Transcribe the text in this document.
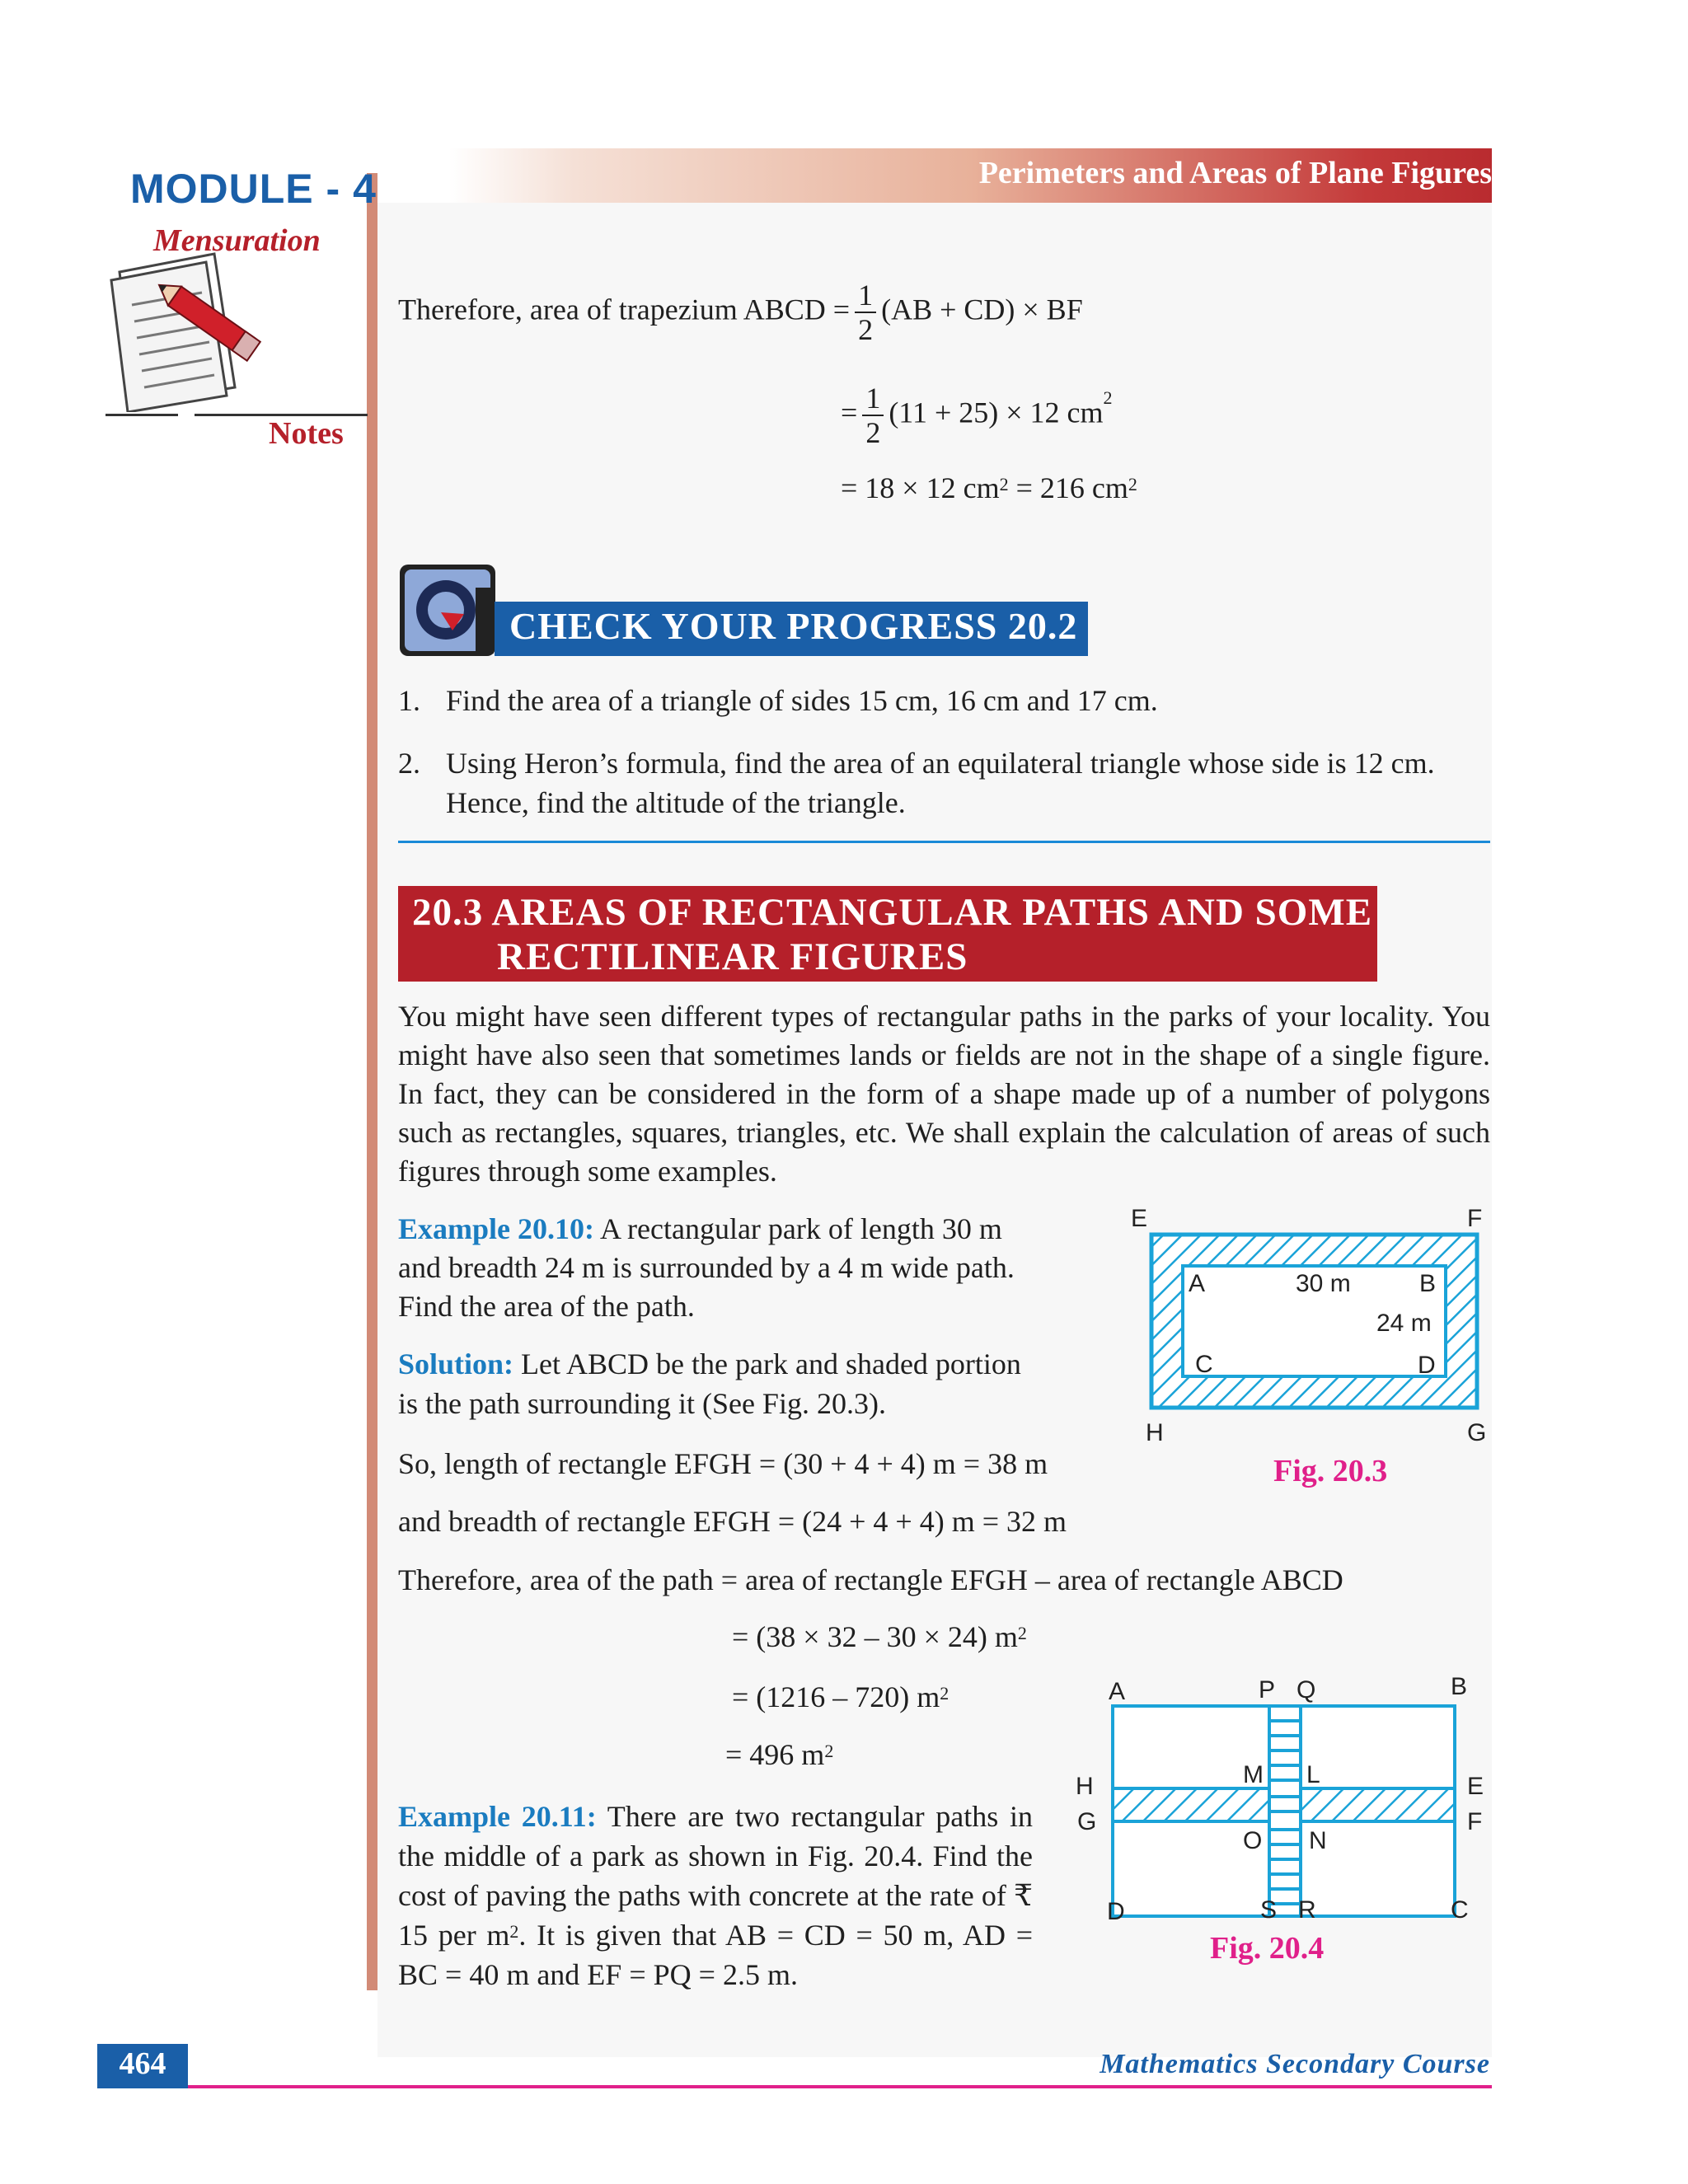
Perimeters and Areas of Plane Figures
MODULE - 4
Mensuration
Notes
Therefore, area of trapezium ABCD = $\frac{1}{2} (AB + CD)$ × BF
= $\frac{1}{2} (11 + 25) \times 12$ $cm^2$
= 18 × 12 $cm^2 = 216$ $cm^2$
CHECK YOUR PROGRESS 20.2
1. Find the area of a triangle of sides 15 cm, 16 cm and 17 cm.
2. Using Heron’s formula, find the area of an equilateral triangle whose side is 12 cm. Hence, find the altitude of the triangle.
20.3 AREAS OF RECTANGULAR PATHS AND SOME
RECTILINEAR FIGURES
You might have seen different types of rectangular paths in the parks of your locality. You might have also seen that sometimes lands or fields are not in the shape of a single figure. In fact, they can be considered in the form of a shape made up of a number of polygons such as rectangles, squares, triangles, etc. We shall explain the calculation of areas of such figures through some examples.
Example 20.10: A rectangular park of length 30 m and breadth 24 m is surrounded by a 4 m wide path. Find the area of the path.
Solution: Let ABCD be the park and shaded portion is the path surrounding it (See Fig. 20.3).
So, length of rectangle EFGH = (30 + 4 + 4) m = 38 m
and breadth of rectangle EFGH = (24 + 4 + 4) m = 32 m
Therefore, area of the path = area of rectangle EFGH – area of rectangle ABCD
= (38 × 32 – 30 × 24) $m^2$
= (1216 – 720) $m^2$
= 496 $m^2$
E	F
G
H
A	B
C	D
30 m
24 m
Fig. 20.3
Example 20.11: There are two rectangular paths in the middle of a park as shown in Fig. 20.4. Find the cost of paving the paths with concrete at the rate of ₹ 15 per $m^2$. It is given that AB = CD = 50 m, AD = BC = 40 m and EF = PQ = 2.5 m.
A	B
C
D
P Q
R
S
H
G
E
F
M L
O N
Fig. 20.4
464	Mathematics Secondary Course
